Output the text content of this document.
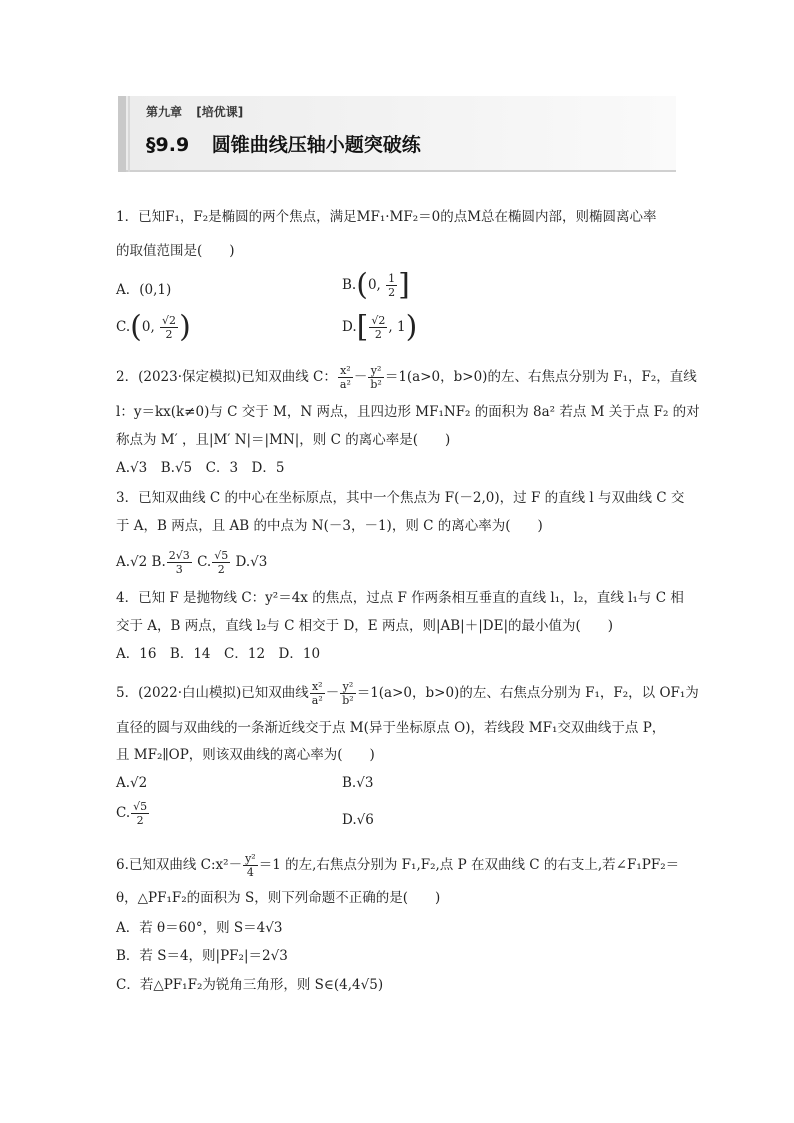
第九章 [培优课]
§9.9 圆锥曲线压轴小题突破练
1．已知F₁，F₂是椭圆的两个焦点，满足MF₁·MF₂＝0的点M总在椭圆内部，则椭圆离心率
的取值范围是(　　)
A．(0,1)	B.(0, $\frac{1}{2}$ ]
C.(0, $\frac{√2}{2}$ )	$D.[ \frac{√2}{2}$ , 1)
2．(2023·保定模拟)已知双曲线 C： $\frac{\text{x²}}{\text{a²}} - \frac{\text{y²}}{\text{b²}} =1(a>0$，b>0)的左、右焦点分别为 F₁，F₂，直线
l：y＝kx(k≠0)与 C 交于 M，N 两点，且四边形 MF₁NF₂ 的面积为 8a² 若点 M 关于点 F₂ 的对
称点为 M′ ，且|M′ N|＝|MN|，则 C 的离心率是(　　)
A.√3　B.√5　C．3　D．5
3．已知双曲线 C 的中心在坐标原点，其中一个焦点为 F(－2,0)，过 F 的直线 l 与双曲线 C 交
于 A，B 两点，且 AB 的中点为 N(－3，－1)，则 C 的离心率为(　　)
A.√2 B. $\frac{2√3}{3} C$. $\frac{√5}{2} D.√3$
4．已知 F 是抛物线 C：y²＝4x 的焦点，过点 F 作两条相互垂直的直线 l₁，l₂，直线 l₁与 C 相
交于 A，B 两点，直线 l₂与 C 相交于 D，E 两点，则|AB|＋|DE|的最小值为(　　)
A．16　B．14　C．12　D．10
5．(2022·白山模拟)已知双曲线 $\frac{\text{x²}}{\text{a²}} - \frac{\text{y²}}{\text{b²}} =1(a>0$，b>0)的左、右焦点分别为 F₁，F₂，以 OF₁为
直径的圆与双曲线的一条渐近线交于点 M(异于坐标原点 O)，若线段 MF₁交双曲线于点 P，
且 MF₂∥OP，则该双曲线的离心率为(　　)
A.√2	B.√3
C. $\frac{√5}{2}$	D.√6
6.已知双曲线 C:x²－ $\frac{\text{y²}}{4} =1$ 的左,右焦点分别为 F₁,F₂,点 P 在双曲线 C 的右支上,若∠F₁PF₂＝
θ，△PF₁F₂的面积为 S，则下列命题不正确的是(　　)
A．若 θ＝60°，则 S＝4√3
B．若 S＝4，则|PF₂|＝2√3
C．若△PF₁F₂为锐角三角形，则 S∈(4,4√5)
